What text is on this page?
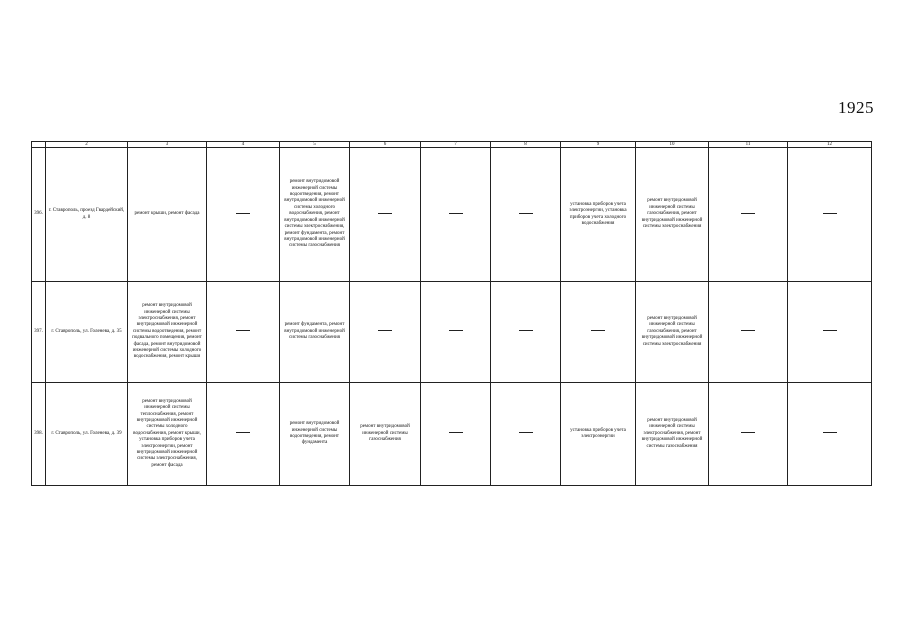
1925
	2	3	4	5	6	7	8	9	10	11	12
396.	г. Ставрополь, проезд Гвардейский, д. 8	ремонт крыши, ремонт фасада		ремонт внутридомовой инженерной системы водоотведения, ремонт внутридомовой инженерной системы холодного водоснабжения, ремонт внутридомовой инженерной системы электроснабжения, ремонт фундамента, ремонт внутридомовой инженерной системы газоснабжения				установка приборов учета электроэнергии, установка приборов учета холодного водоснабжения	ремонт внутридомовой инженерной системы газоснабжения, ремонт внутридомовой инженерной системы электроснабжения		
397.	г. Ставрополь, ул. Голенева, д. 35	ремонт внутридомовой инженерной системы электроснабжения, ремонт внутридомовой инженерной системы водоотведения, ремонт подвального помещения, ремонт фасада, ремонт внутридомовой инженерной системы холодного водоснабжения, ремонт крыши		ремонт фундамента, ремонт внутридомовой инженерной системы газоснабжения					ремонт внутридомовой инженерной системы газоснабжения, ремонт внутридомовой инженерной системы электроснабжения		
398.	г. Ставрополь, ул. Голенева, д. 39	ремонт внутридомовой инженерной системы теплоснабжения, ремонт внутридомовой инженерной системы холодного водоснабжения, ремонт крыши, установка приборов учета электроэнергии, ремонт внутридомовой инженерной системы электроснабжения, ремонт фасада		ремонт внутридомовой инженерной системы водоотведения, ремонт фундамента	ремонт внутридомовой инженерной системы газоснабжения			установка приборов учета электроэнергии	ремонт внутридомовой инженерной системы электроснабжения, ремонт внутридомовой инженерной системы газоснабжения		
